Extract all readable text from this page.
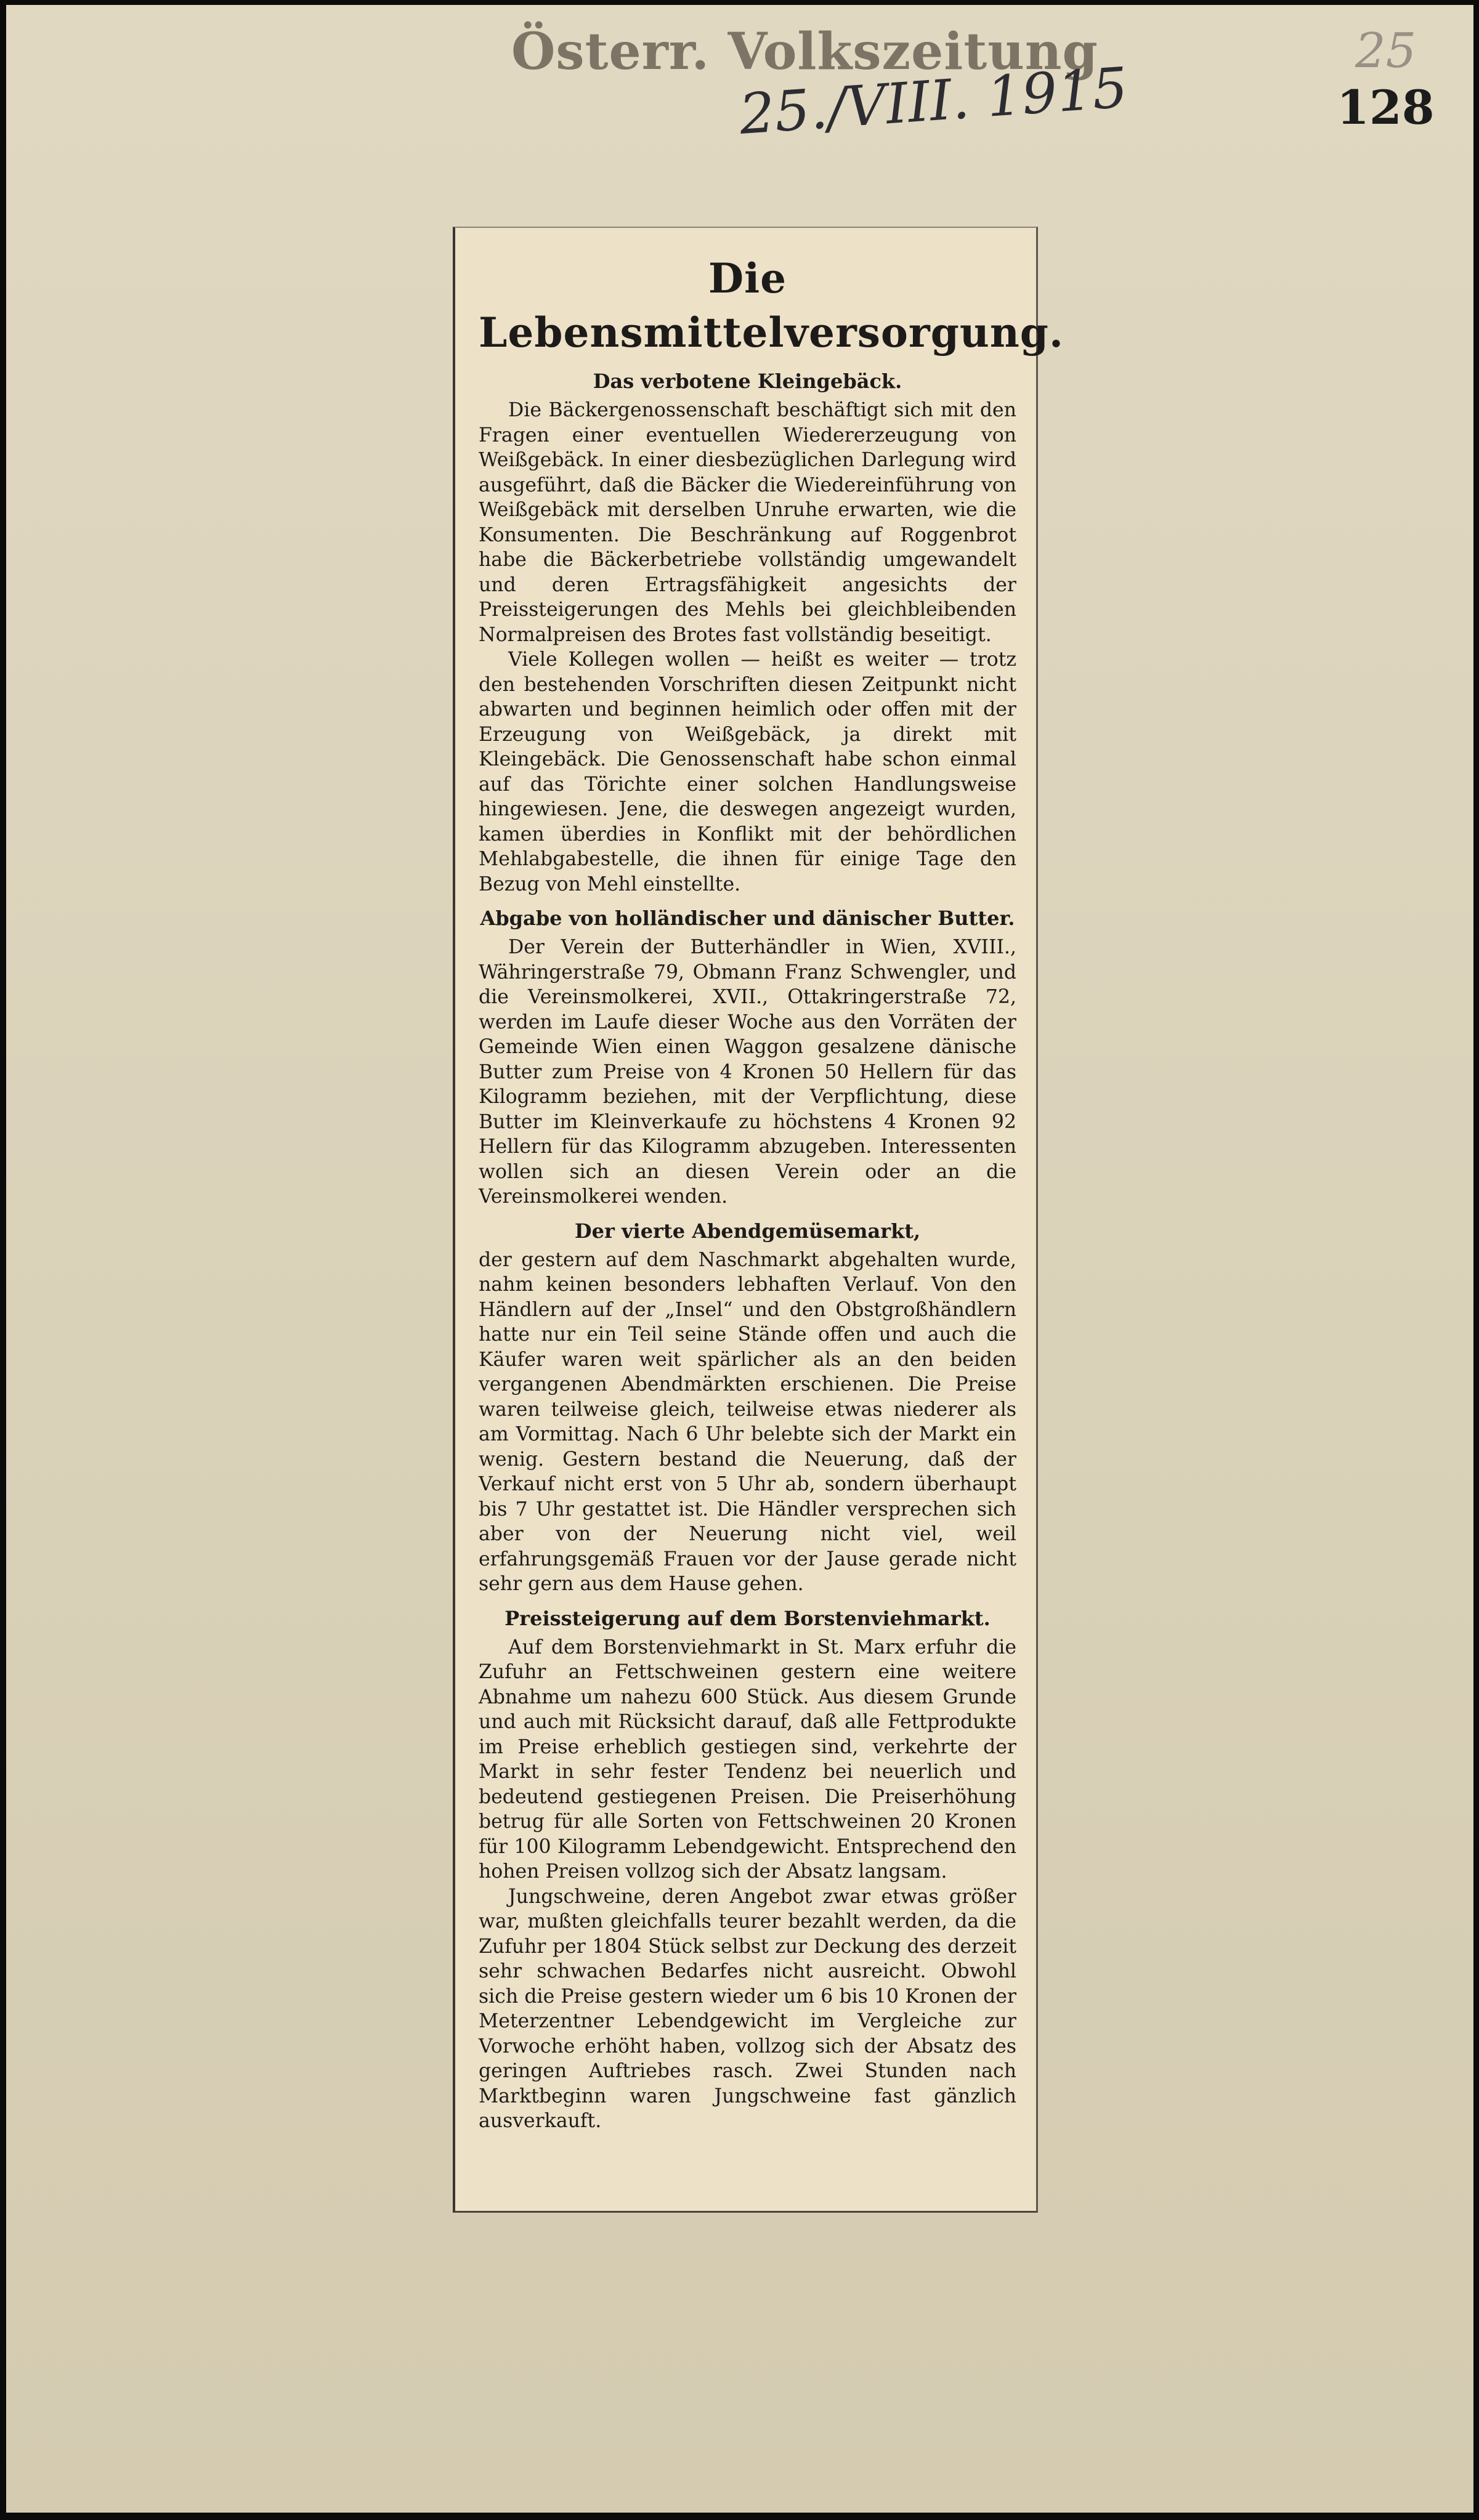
Österr. Volkszeitung
25./VIII. 1915
25
128
Die Lebensmittelversorgung.
Das verbotene Kleingebäck.

Die Bäckergenossenschaft beschäftigt sich mit den Fragen einer eventuellen Wiedererzeugung von Weißgebäck. In einer diesbezüglichen Darlegung wird ausgeführt, daß die Bäcker die Wiedereinführung von Weißgebäck mit derselben Unruhe erwarten, wie die Konsumenten. Die Beschränkung auf Roggenbrot habe die Bäckerbetriebe vollständig umgewandelt und deren Ertragsfähigkeit angesichts der Preissteigerungen des Mehls bei gleichbleibenden Normalpreisen des Brotes fast vollständig beseitigt.

Viele Kollegen wollen — heißt es weiter — trotz den bestehenden Vorschriften diesen Zeitpunkt nicht abwarten und beginnen heimlich oder offen mit der Erzeugung von Weißgebäck, ja direkt mit Kleingebäck. Die Genossenschaft habe schon einmal auf das Törichte einer solchen Handlungsweise hingewiesen. Jene, die deswegen angezeigt wurden, kamen überdies in Konflikt mit der behördlichen Mehlabgabestelle, die ihnen für einige Tage den Bezug von Mehl einstellte.

Abgabe von holländischer und dänischer Butter.

Der Verein der Butterhändler in Wien, XVIII., Währingerstraße 79, Obmann Franz Schwengler, und die Vereinsmolkerei, XVII., Ottakringerstraße 72, werden im Laufe dieser Woche aus den Vorräten der Gemeinde Wien einen Waggon gesalzene dänische Butter zum Preise von 4 Kronen 50 Hellern für das Kilogramm beziehen, mit der Verpflichtung, diese Butter im Kleinverkaufe zu höchstens 4 Kronen 92 Hellern für das Kilogramm abzugeben. Interessenten wollen sich an diesen Verein oder an die Vereinsmolkerei wenden.

Der vierte Abendgemüsemarkt,

der gestern auf dem Naschmarkt abgehalten wurde, nahm keinen besonders lebhaften Verlauf. Von den Händlern auf der „Insel“ und den Obstgroßhändlern hatte nur ein Teil seine Stände offen und auch die Käufer waren weit spärlicher als an den beiden vergangenen Abendmärkten erschienen. Die Preise waren teilweise gleich, teilweise etwas niederer als am Vormittag. Nach 6 Uhr belebte sich der Markt ein wenig. Gestern bestand die Neuerung, daß der Verkauf nicht erst von 5 Uhr ab, sondern überhaupt bis 7 Uhr gestattet ist. Die Händler versprechen sich aber von der Neuerung nicht viel, weil erfahrungsgemäß Frauen vor der Jause gerade nicht sehr gern aus dem Hause gehen.

Preissteigerung auf dem Borstenviehmarkt.

Auf dem Borstenviehmarkt in St. Marx erfuhr die Zufuhr an Fettschweinen gestern eine weitere Abnahme um nahezu 600 Stück. Aus diesem Grunde und auch mit Rücksicht darauf, daß alle Fettprodukte im Preise erheblich gestiegen sind, verkehrte der Markt in sehr fester Tendenz bei neuerlich und bedeutend gestiegenen Preisen. Die Preiserhöhung betrug für alle Sorten von Fettschweinen 20 Kronen für 100 Kilogramm Lebendgewicht. Entsprechend den hohen Preisen vollzog sich der Absatz langsam.

Jungschweine, deren Angebot zwar etwas größer war, mußten gleichfalls teurer bezahlt werden, da die Zufuhr per 1804 Stück selbst zur Deckung des derzeit sehr schwachen Bedarfes nicht ausreicht. Obwohl sich die Preise gestern wieder um 6 bis 10 Kronen der Meterzentner Lebendgewicht im Vergleiche zur Vorwoche erhöht haben, vollzog sich der Absatz des geringen Auftriebes rasch. Zwei Stunden nach Marktbeginn waren Jungschweine fast gänzlich ausverkauft.
